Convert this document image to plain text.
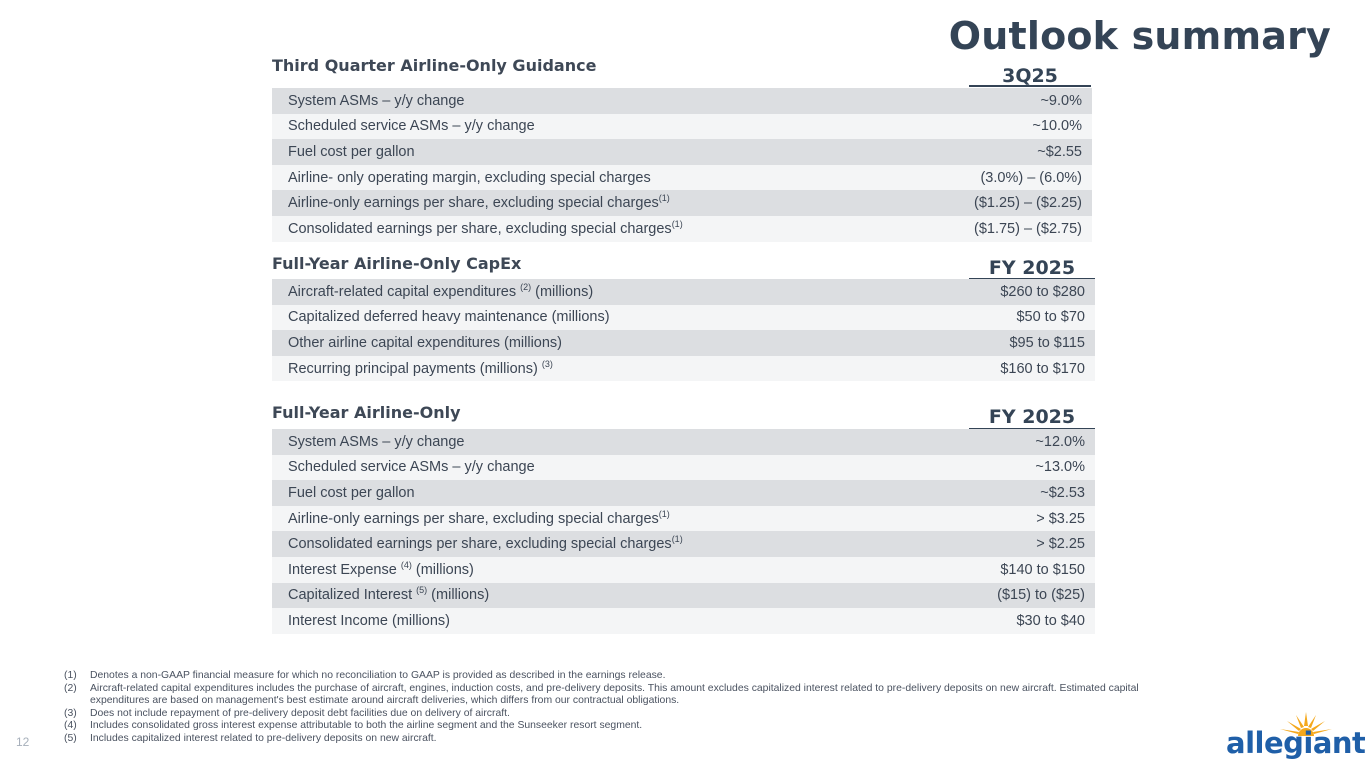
Outlook summary
Third Quarter Airline-Only Guidance	3Q25
System ASMs – y/y change	~9.0%
Scheduled service ASMs – y/y change	~10.0%
Fuel cost per gallon	~$2.55
Airline- only operating margin, excluding special charges	(3.0%) – (6.0%)
Airline-only earnings per share, excluding special charges$^{(1)}$	($1.25) – ($2.25)
Consolidated earnings per share, excluding special charges$^{(1)}$	($1.75) – ($2.75)
Full-Year Airline-Only CapEx	FY 2025
Aircraft-related capital expenditures $^{(2)}$ (millions)	$260 to $280
Capitalized deferred heavy maintenance (millions)	$50 to $70
Other airline capital expenditures (millions)	$95 to $115
Recurring principal payments (millions) $^{(3)}$	$160 to $170
Full-Year Airline-Only	FY 2025
System ASMs – y/y change	~12.0%
Scheduled service ASMs – y/y change	~13.0%
Fuel cost per gallon	~$2.53
Airline-only earnings per share, excluding special charges$^{(1)}$	> $3.25
Consolidated earnings per share, excluding special charges$^{(1)}$	> $2.25
Interest Expense $^{(4)}$ (millions)	$140 to $150
Capitalized Interest $^{(5)}$ (millions)	($15) to ($25)
Interest Income (millions)	$30 to $40
(1)	Denotes a non-GAAP financial measure for which no reconciliation to GAAP is provided as described in the earnings release.
(2)	Aircraft-related capital expenditures includes the purchase of aircraft, engines, induction costs, and pre-delivery deposits. This amount excludes capitalized interest related to pre-delivery deposits on new aircraft. Estimated capital expenditures are based on management's best estimate around aircraft deliveries, which differs from our contractual obligations.
(3)	Does not include repayment of pre-delivery deposit debt facilities due on delivery of aircraft.
(4)	Includes consolidated gross interest expense attributable to both the airline segment and the Sunseeker resort segment.
(5)	Includes capitalized interest related to pre-delivery deposits on new aircraft.
12	allegiant
